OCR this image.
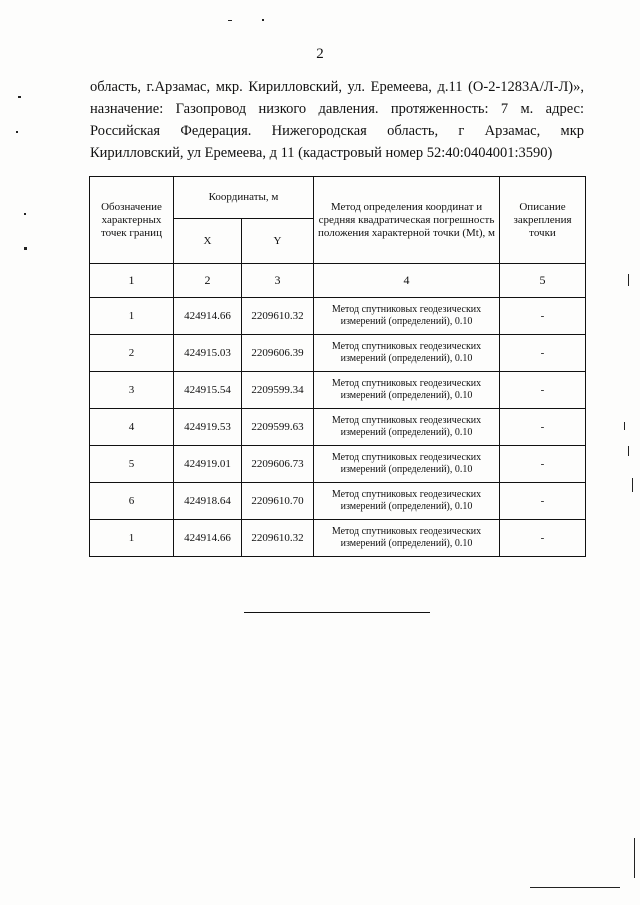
2

область, г.Арзамас, мкр. Кирилловский, ул. Еремеева, д.11 (О-2-1283А/Л-Л)»,

назначение: Газопровод низкого давления. протяженность: 7 м. адрес:

Российская Федерация. Нижегородская область, г Арзамас, мкр

Кирилловский, ул Еремеева, д 11 (кадастровый номер 52:40:0404001:3590)

Обозначение характерных точек границ	Координаты, м		Метод определения координат и средняя квадратическая погрешность положения характерной точки (Mt), м	Описание закрепления точки
	X	Y		
1	2	3	4	5
1	424914.66	2209610.32	Метод спутниковых геодезических измерений (определений), 0.10	-
2	424915.03	2209606.39	Метод спутниковых геодезических измерений (определений), 0.10	-
3	424915.54	2209599.34	Метод спутниковых геодезических измерений (определений), 0.10	-
4	424919.53	2209599.63	Метод спутниковых геодезических измерений (определений), 0.10	-
5	424919.01	2209606.73	Метод спутниковых геодезических измерений (определений), 0.10	-
6	424918.64	2209610.70	Метод спутниковых геодезических измерений (определений), 0.10	-
1	424914.66	2209610.32	Метод спутниковых геодезических измерений (определений), 0.10	-
